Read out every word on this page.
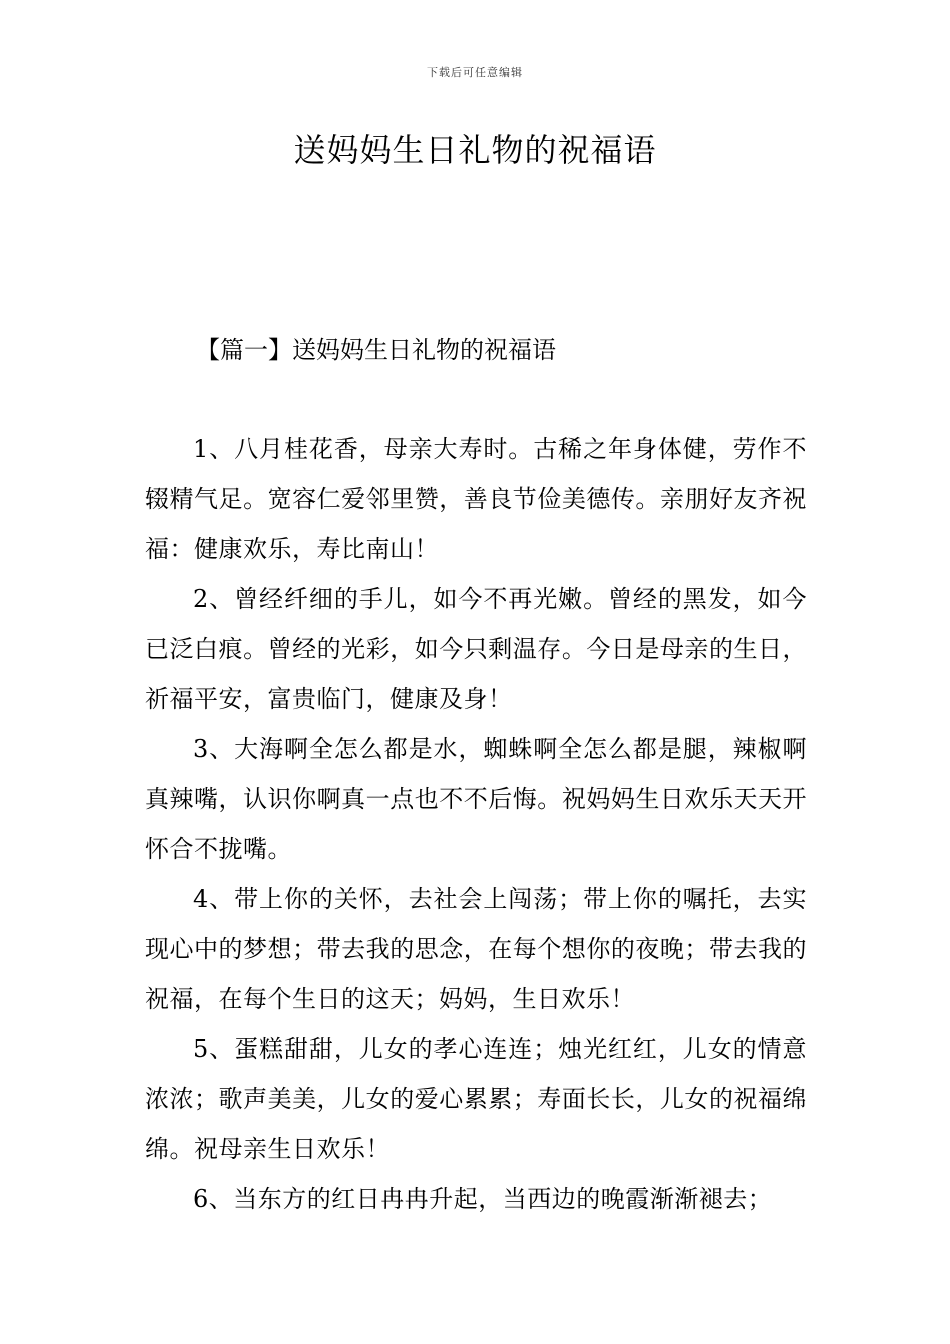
下载后可任意编辑
送妈妈生日礼物的祝福语
【篇一】送妈妈生日礼物的祝福语

1、八月桂花香，母亲大寿时。古稀之年身体健，劳作不辍精气足。宽容仁爱邻里赞，善良节俭美德传。亲朋好友齐祝福：健康欢乐，寿比南山！

2、曾经纤细的手儿，如今不再光嫩。曾经的黑发，如今已泛白痕。曾经的光彩，如今只剩温存。今日是母亲的生日，祈福平安，富贵临门，健康及身！

3、大海啊全怎么都是水，蜘蛛啊全怎么都是腿，辣椒啊真辣嘴，认识你啊真一点也不不后悔。祝妈妈生日欢乐天天开怀合不拢嘴。

4、带上你的关怀，去社会上闯荡；带上你的嘱托，去实现心中的梦想；带去我的思念，在每个想你的夜晚；带去我的祝福，在每个生日的这天；妈妈，生日欢乐！

5、蛋糕甜甜，儿女的孝心连连；烛光红红，儿女的情意浓浓；歌声美美，儿女的爱心累累；寿面长长，儿女的祝福绵绵。祝母亲生日欢乐！

6、当东方的红日冉冉升起，当西边的晚霞渐渐褪去；
